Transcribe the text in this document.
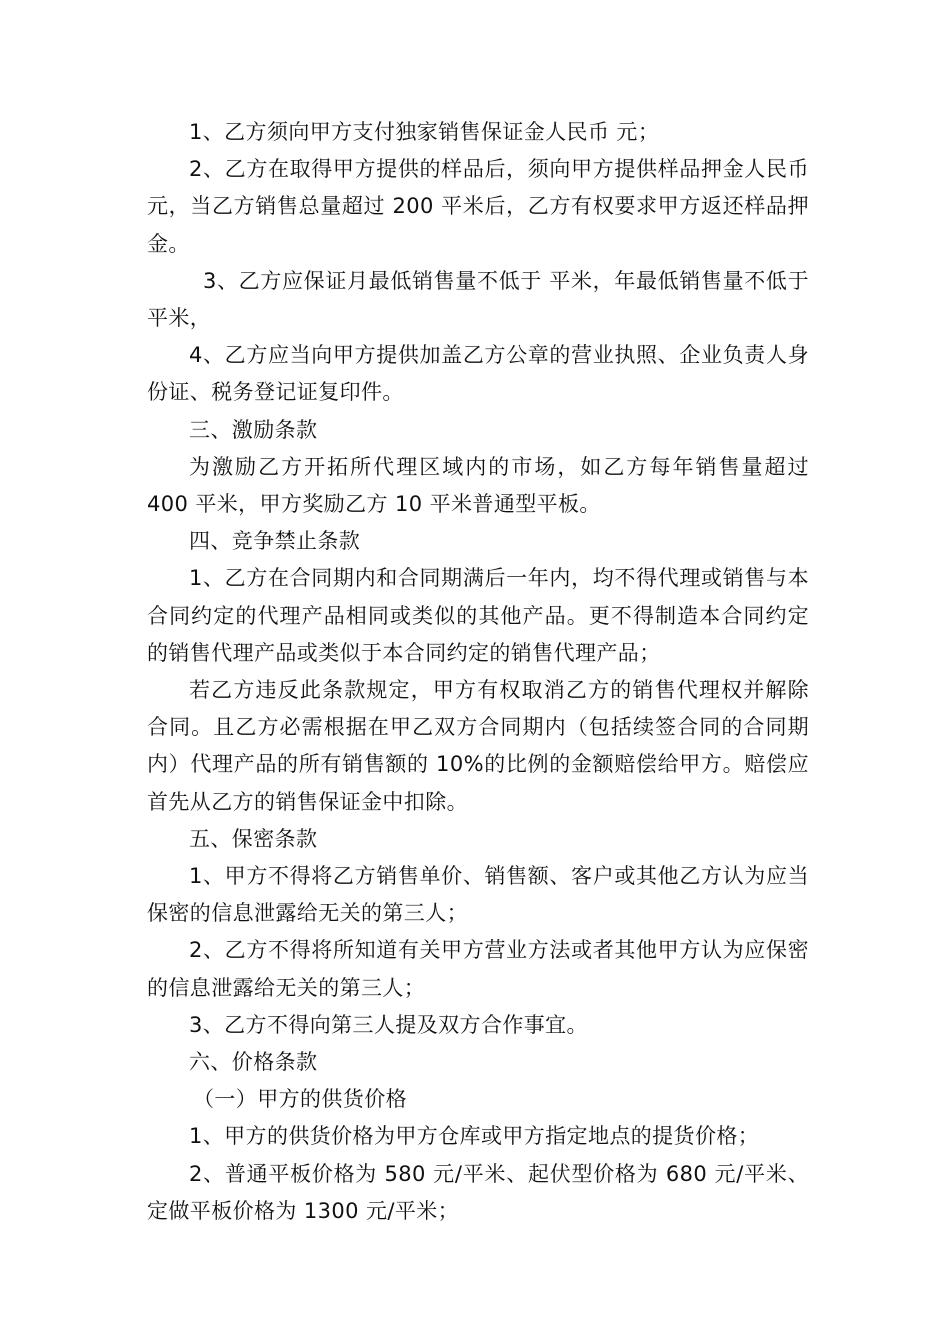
1、乙方须向甲方支付独家销售保证金人民币 元；

2、乙方在取得甲方提供的样品后，须向甲方提供样品押金人民币 元，当乙方销售总量超过 200 平米后，乙方有权要求甲方返还样品押金。

3、乙方应保证月最低销售量不低于 平米，年最低销售量不低于 平米，

4、乙方应当向甲方提供加盖乙方公章的营业执照、企业负责人身份证、税务登记证复印件。

三、激励条款

为激励乙方开拓所代理区域内的市场，如乙方每年销售量超过 400 平米，甲方奖励乙方 10 平米普通型平板。

四、竞争禁止条款

1、乙方在合同期内和合同期满后一年内，均不得代理或销售与本合同约定的代理产品相同或类似的其他产品。更不得制造本合同约定的销售代理产品或类似于本合同约定的销售代理产品；

若乙方违反此条款规定，甲方有权取消乙方的销售代理权并解除合同。且乙方必需根据在甲乙双方合同期内（包括续签合同的合同期内）代理产品的所有销售额的 10%的比例的金额赔偿给甲方。赔偿应首先从乙方的销售保证金中扣除。

五、保密条款

1、甲方不得将乙方销售单价、销售额、客户或其他乙方认为应当保密的信息泄露给无关的第三人；

2、乙方不得将所知道有关甲方营业方法或者其他甲方认为应保密的信息泄露给无关的第三人；

3、乙方不得向第三人提及双方合作事宜。

六、价格条款

（一）甲方的供货价格

1、甲方的供货价格为甲方仓库或甲方指定地点的提货价格；

2、普通平板价格为 580 元/平米、起伏型价格为 680 元/平米、定做平板价格为 1300 元/平米；
